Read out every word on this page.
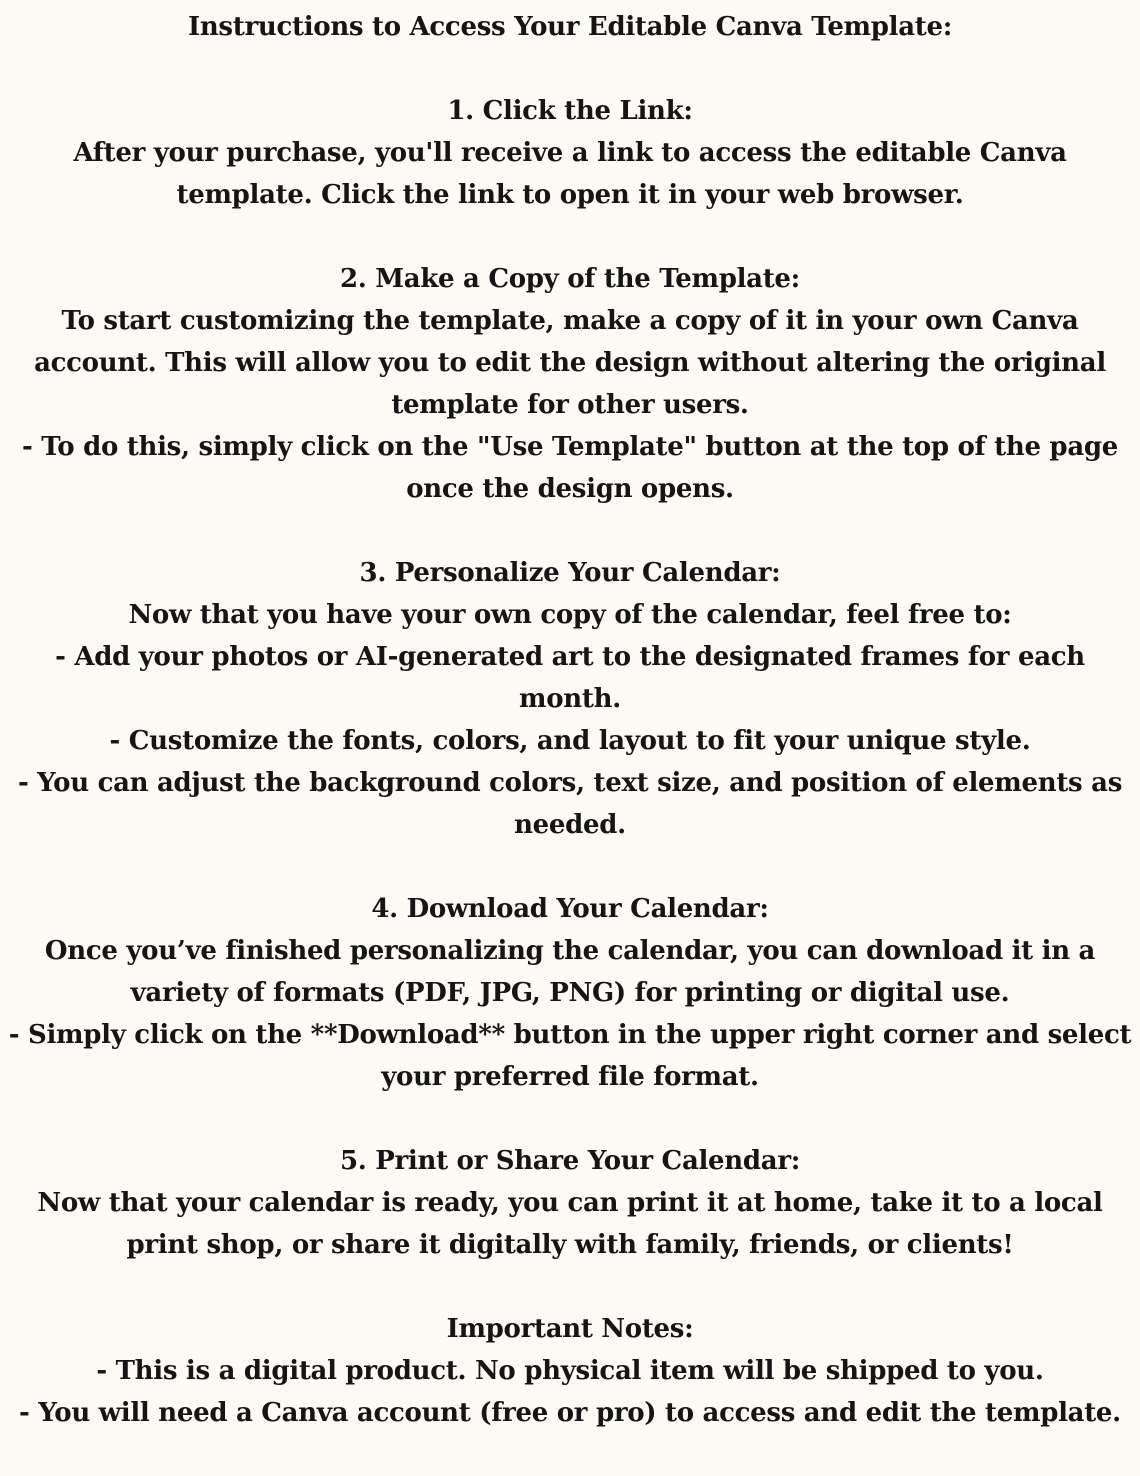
Instructions to Access Your Editable Canva Template:
1. Click the Link:
After your purchase, you'll receive a link to access the editable Canva
template. Click the link to open it in your web browser.
2. Make a Copy of the Template:
To start customizing the template, make a copy of it in your own Canva
account. This will allow you to edit the design without altering the original
template for other users.
- To do this, simply click on the "Use Template" button at the top of the page
once the design opens.
3. Personalize Your Calendar:
Now that you have your own copy of the calendar, feel free to:
- Add your photos or AI-generated art to the designated frames for each
month.
- Customize the fonts, colors, and layout to fit your unique style.
- You can adjust the background colors, text size, and position of elements as
needed.
4. Download Your Calendar:
Once you’ve finished personalizing the calendar, you can download it in a
variety of formats (PDF, JPG, PNG) for printing or digital use.
- Simply click on the **Download** button in the upper right corner and select
your preferred file format.
5. Print or Share Your Calendar:
Now that your calendar is ready, you can print it at home, take it to a local
print shop, or share it digitally with family, friends, or clients!
Important Notes:
- This is a digital product. No physical item will be shipped to you.
- You will need a Canva account (free or pro) to access and edit the template.
